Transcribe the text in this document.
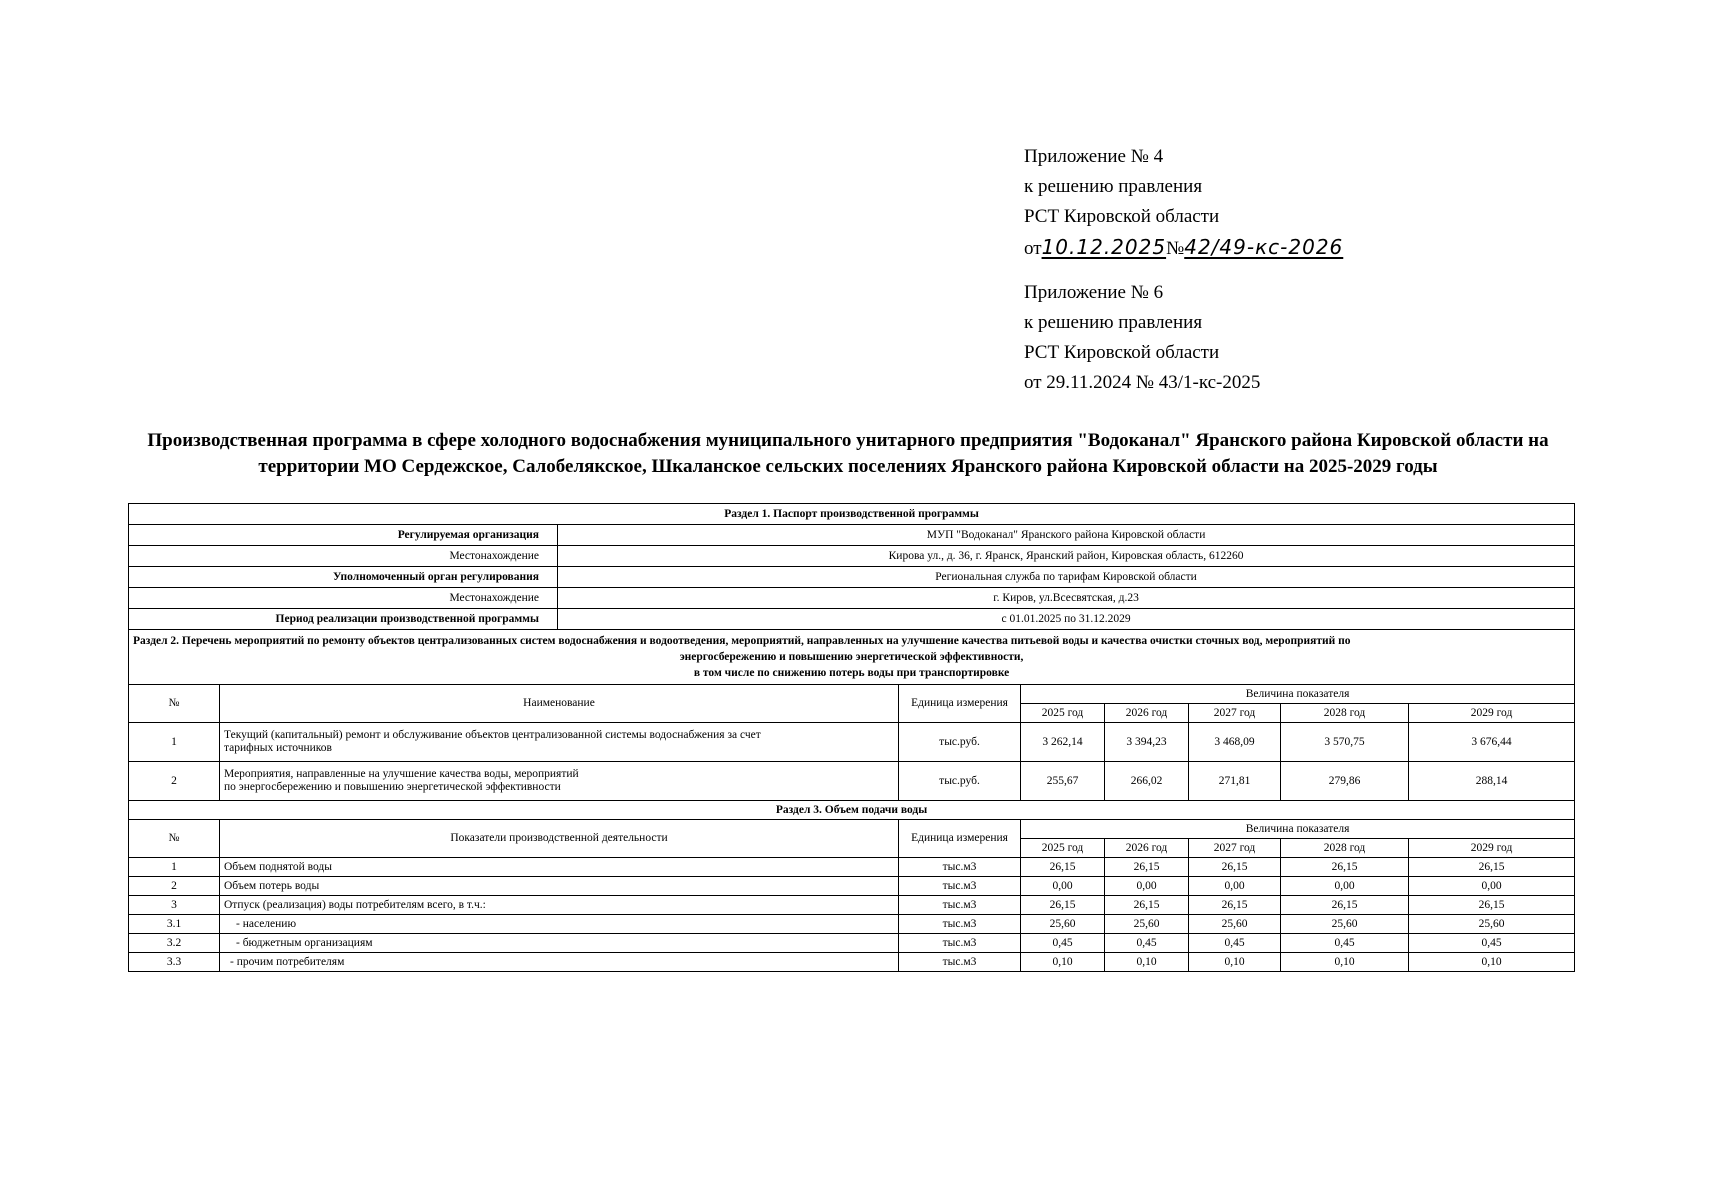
Приложение № 4
к решению правления
РСТ Кировской области
от10.12.2025№42/49-кс-2026
Приложение № 6
к решению правления
РСТ Кировской области
от 29.11.2024 № 43/1-кс-2025
Производственная программа в сфере холодного водоснабжения муниципального унитарного предприятия "Водоканал" Яранского района Кировской области на территории МО Сердежское, Салобелякское, Шкаланское сельских поселениях Яранского района Кировской области на 2025-2029 годы
Раздел 1. Паспорт производственной программы								
Регулируемая организация		МУП "Водоканал" Яранского района Кировской области						
Местонахождение		Кирова ул., д. 36, г. Яранск, Яранский район, Кировская область, 612260						
Уполномоченный орган регулирования		Региональная служба по тарифам Кировской области						
Местонахождение		г. Киров, ул.Всесвятская, д.23						
Период реализации производственной программы		с 01.01.2025 по 31.12.2029						

Раздел 2. Перечень мероприятий по ремонту объектов централизованных систем водоснабжения и водоотведения, мероприятий, направленных на улучшение качества питьевой воды и качества очистки сточных вод, мероприятий по
энергосбережению и повышению энергетической эффективности,
в том числе по снижению потерь воды при транспортировке								

№	Наименование		Единица измерения	Величина показателя				
				2025 год	2026 год	2027 год	2028 год	2029 год
1	Текущий (капитальный) ремонт и обслуживание объектов централизованной системы водоснабжения за счет
тарифных источников		тыс.руб.	3 262,14	3 394,23	3 468,09	3 570,75	3 676,44
2	Мероприятия, направленные на улучшение качества воды, мероприятий
по энергосбережению и повышению энергетической эффективности		тыс.руб.	255,67	266,02	271,81	279,86	288,14
Раздел 3. Объем подачи воды								
№	Показатели производственной деятельности		Единица измерения	Величина показателя				
				2025 год	2026 год	2027 год	2028 год	2029 год
1	Объем поднятой воды		тыс.м3	26,15	26,15	26,15	26,15	26,15
2	Объем потерь воды		тыс.м3	0,00	0,00	0,00	0,00	0,00
3	Отпуск (реализация) воды потребителям всего, в т.ч.:		тыс.м3	26,15	26,15	26,15	26,15	26,15
3.1	- населению		тыс.м3	25,60	25,60	25,60	25,60	25,60
3.2	- бюджетным организациям		тыс.м3	0,45	0,45	0,45	0,45	0,45
3.3	- прочим потребителям		тыс.м3	0,10	0,10	0,10	0,10	0,10
